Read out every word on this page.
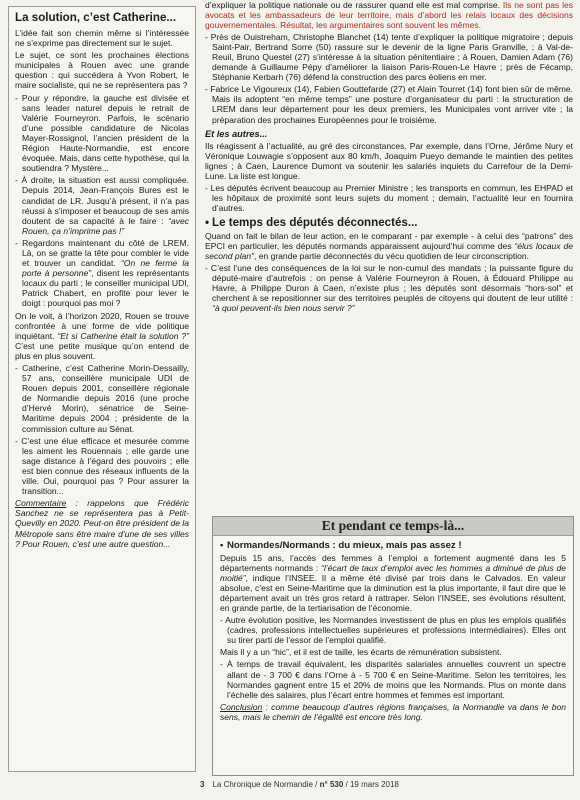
La solution, c’est Catherine...

L’idée fait son chemin même si l’intéressée ne s’exprime pas directement sur le sujet.

Le sujet, ce sont les prochaines élections municipales à Rouen avec une grande question : qui succédera à Yvon Robert, le maire socialiste, qui ne se représentera pas ?

- Pour y répondre, la gauche est divisée et sans leader naturel depuis le retrait de Valérie Fourneyron. Parfois, le scénario d’une possible candidature de Nicolas Mayer-Rossignol, l’ancien président de la Région Haute-Normandie, est encore évoquée. Mais, dans cette hypothèse, qui la soutiendra ? Mystère...

- À droite, la situation est aussi compliquée. Depuis 2014, Jean-François Bures est le candidat de LR. Jusqu’à présent, il n’a pas réussi à s’imposer et beaucoup de ses amis doutent de sa capacité à le faire : “avec Rouen, ça n’imprime pas !”

- Regardons maintenant du côté de LREM. Là, on se gratte la tête pour combler le vide et trouver un candidat. “On ne ferme la porte à personne”, disent les représentants locaux du parti ; le conseiller municipal UDI, Patrick Chabert, en profite pour lever le doigt : pourquoi pas moi ?

On le voit, à l’horizon 2020, Rouen se trouve confrontée à une forme de vide politique inquiétant. “Et si Catherine était la solution ?” C’est une petite musique qu’on entend de plus en plus souvent.

- Catherine, c’est Catherine Morin-Dessailly, 57 ans, conseillère municipale UDI de Rouen depuis 2001, conseillère régionale de Normandie depuis 2016 (une proche d’Hervé Morin), sénatrice de Seine-Maritime depuis 2004 ; présidente de la commission culture au Sénat.

- C’est une élue efficace et mesurée comme les aiment les Rouennais ; elle garde une sage distance à l’égard des pouvoirs ; elle est bien connue des réseaux influents de la ville. Oui, pourquoi pas ? Pour assurer la transition...

Commentaire : rappelons que Frédéric Sanchez ne se représentera pas à Petit-Quevilly en 2020. Peut-on être président de la Métropole sans être maire d’une de ses villes ? Pour Rouen, c’est une autre question...

d’expliquer la politique nationale ou de rassurer quand elle est mal comprise. Ils ne sont pas les avocats et les ambassadeurs de leur territoire, mais d’abord les relais locaux des décisions gouvernementales. Résultat, les argumentaires sont souvent les mêmes.

- Près de Ouistreham, Christophe Blanchet (14) tente d’expliquer la politique migratoire ; depuis Saint-Pair, Bertrand Sorre (50) rassure sur le devenir de la ligne Paris Granville, ; à Val-de-Reuil, Bruno Questel (27) s’intéresse à la situation pénitentiaire ; à Rouen, Damien Adam (76) demande à Guillaume Pépy d’améliorer la liaison Paris-Rouen-Le Havre ; près de Fécamp, Stéphanie Kerbarh (76) défend la construction des parcs éoliens en mer.

- Fabrice Le Vigoureux (14), Fabien Gouttefarde (27) et Alain Tourret (14) font bien sûr de même. Mais ils adoptent “en même temps” une posture d’organisateur du parti : la structuration de LREM dans leur département pour les deux premiers, les Municipales vont arriver vite ; la préparation des prochaines Européennes pour le troisième.

Et les autres...

Ils réagissent à l’actualité, au gré des circonstances. Par exemple, dans l’Orne, Jérôme Nury et Véronique Louwagie s’opposent aux 80 km/h, Joaquim Pueyo demande le maintien des petites lignes ; à Caen, Laurence Dumont va soutenir les salariés inquiets du Carrefour de la Demi-Lune. La liste est longue.

- Les députés écrivent beaucoup au Premier Ministre ; les transports en commun, les EHPAD et les hôpitaux de proximité sont leurs sujets du moment ; demain, l’actualité leur en fournira d’autres.

• Le temps des députés déconnectés...

Quand on fait le bilan de leur action, en le comparant - par exemple - à celui des “patrons” des EPCI en particulier, les députés normands apparaissent aujourd’hui comme des “élus locaux de second plan”, en grande partie déconnectés du vécu quotidien de leur circonscription.

- C’est l’une des conséquences de la loi sur le non-cumul des mandats ; la puissante figure du député-maire d’autrefois : on pense à Valérie Fourneyron à Rouen, à Édouard Philippe au Havre, à Philippe Duron à Caen, n’existe plus ; les députés sont désormais “hors-sol” et cherchent à se repositionner sur des territoires peuplés de citoyens qui doutent de leur utilité : “à quoi peuvent-ils bien nous servir ?”

Et pendant ce temps-là...
• Normandes/Normands : du mieux, mais pas assez !

Depuis 15 ans, l’accès des femmes à l’emploi a fortement augmenté dans les 5 départements normands : “l’écart de taux d’emploi avec les hommes a diminué de plus de moitié”, indique l’INSEE. Il a même été divisé par trois dans le Calvados. En valeur absolue, c’est en Seine-Maritime que la diminution est la plus importante, il faut dire que le département avait un très gros retard à rattraper. Selon l’INSEE, ses évolutions résultent, en grande partie, de la tertiarisation de l’économie.

- Autre évolution positive, les Normandes investissent de plus en plus les emplois qualifiés (cadres, professions intellectuelles supérieures et professions intermédiaires). Elles ont su tirer parti de l’essor de l’emploi qualifié.

Mais il y a un “hic”, et il est de taille, les écarts de rémunération subsistent.

- À temps de travail équivalent, les disparités salariales annuelles couvrent un spectre allant de - 3 700 € dans l’Orne à - 5 700 € en Seine-Maritime. Selon les territoires, les Normandes gagnent entre 15 et 20% de moins que les Normands. Plus on monte dans l’échelle des salaires, plus l’écart entre hommes et femmes est important.

Conclusion : comme beaucoup d’autres régions françaises, la Normandie va dans le bon sens, mais le chemin de l’égalité est encore très long.

3 La Chronique de Normandie / n° 530 / 19 mars 2018
